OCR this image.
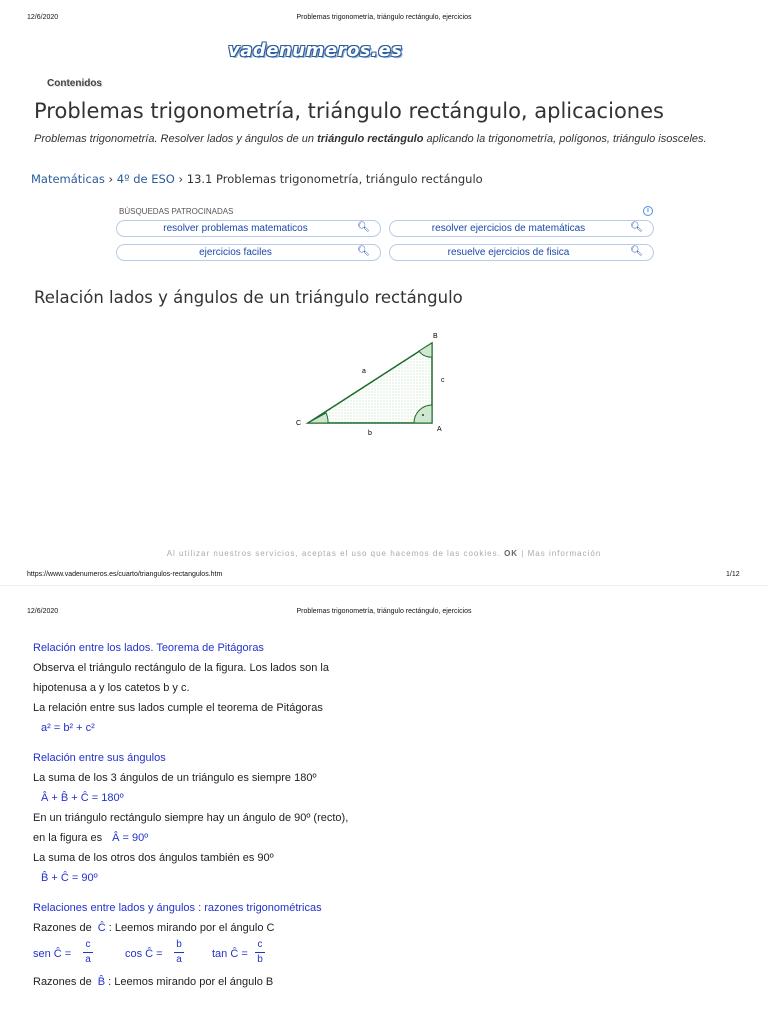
12/6/2020	Problemas trigonometría, triángulo rectángulo, ejercicios
vadenumeros.es
Contenidos
Problemas trigonometría, triángulo rectángulo, aplicaciones
Problemas trigonometría. Resolver lados y ángulos de un triángulo rectángulo aplicando la trigonometría, polígonos, triángulo isosceles.
Matemáticas › 4º de ESO › 13.1 Problemas trigonometría, triángulo rectángulo
BÚSQUEDAS PATROCINADAS	i
resolver problemas matematicos	🔍︎	resolver ejercicios de matemáticas	🔍︎
ejercicios faciles	🔍︎	resuelve ejercicios de fisica	🔍︎
Relación lados y ángulos de un triángulo rectángulo
B
A
C
a
b
c
Al utilizar nuestros servicios, aceptas el uso que hacemos de las cookies. OK | Mas información
https://www.vadenumeros.es/cuarto/triangulos-rectangulos.htm	1/12
12/6/2020	Problemas trigonometría, triángulo rectángulo, ejercicios
Relación entre los lados. Teorema de Pitágoras
Observa el triángulo rectángulo de la figura. Los lados son la
hipotenusa a y los catetos b y c.
La relación entre sus lados cumple el teorema de Pitágoras
a² = b² + c²
Relación entre sus ángulos
La suma de los 3 ángulos de un triángulo es siempre 180º
Â + B̂ + Ĉ = 180º
En un triángulo rectángulo siempre hay un ángulo de 90º (recto),
en la figura es Â = 90º
La suma de los otros dos ángulos también es 90º
B̂ + Ĉ = 90º
Relaciones entre lados y ángulos : razones trigonométricas
Razones de Ĉ : Leemos mirando por el ángulo C
sen Ĉ =
c
a	cos Ĉ =
b
a	tan Ĉ =
c
b
Razones de B̂ : Leemos mirando por el ángulo B
